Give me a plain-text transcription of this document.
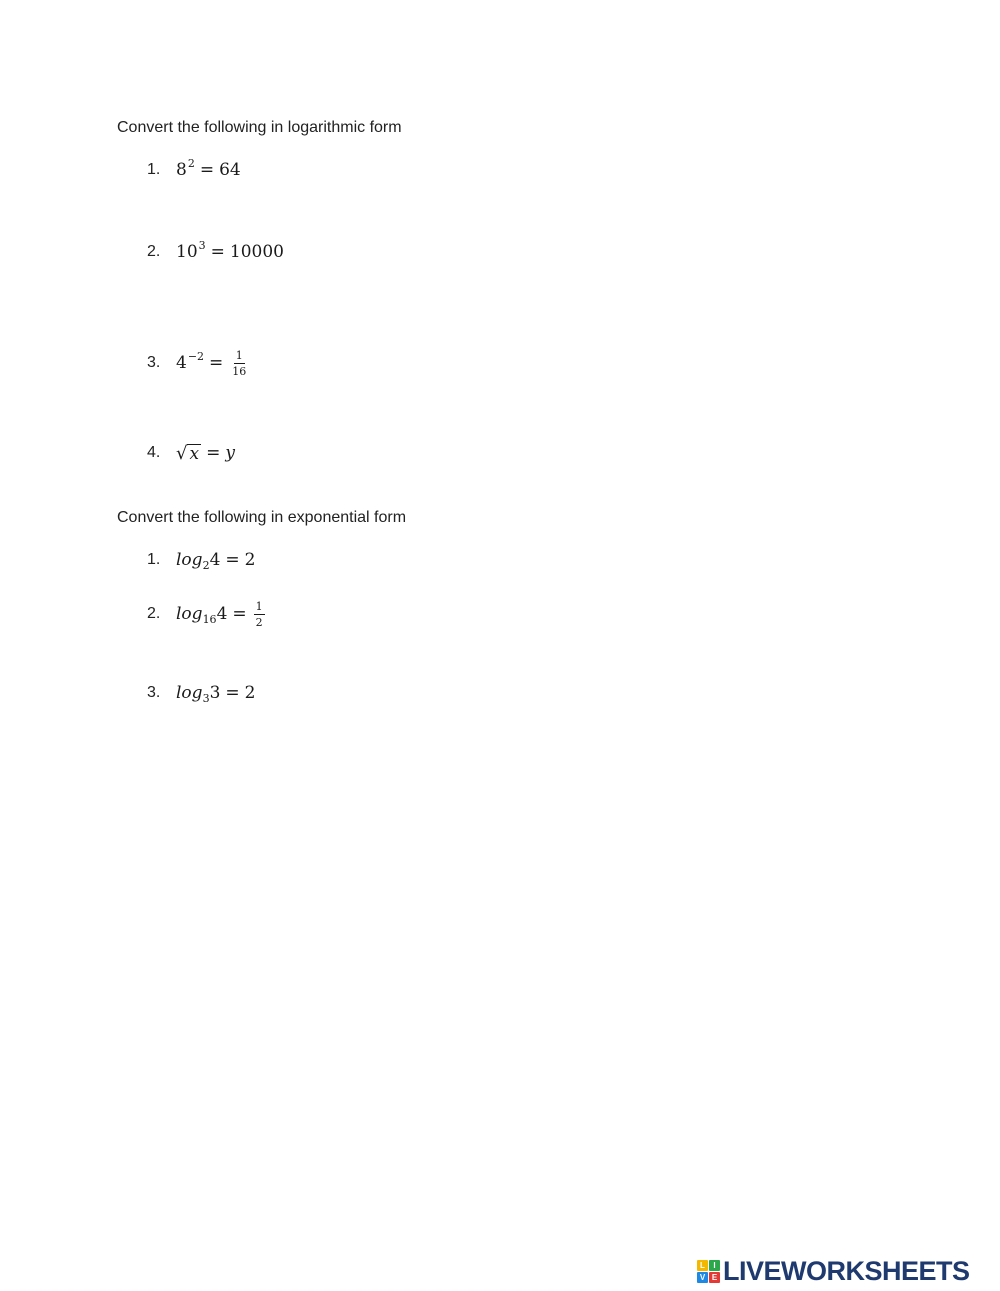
Convert the following in logarithmic form

1. $8^2 = 64$
2. $10^3 = 10000$
3. $4^{-2} = \frac{1}{16}$
4. √ x = y

Convert the following in exponential form

1. $\log_2 4 = 2$
2. $\log_{16} 4 = \frac{1}{2}$
3. $\log_3 3 = 2$
L	I
V E LIVEWORKSHEETS
